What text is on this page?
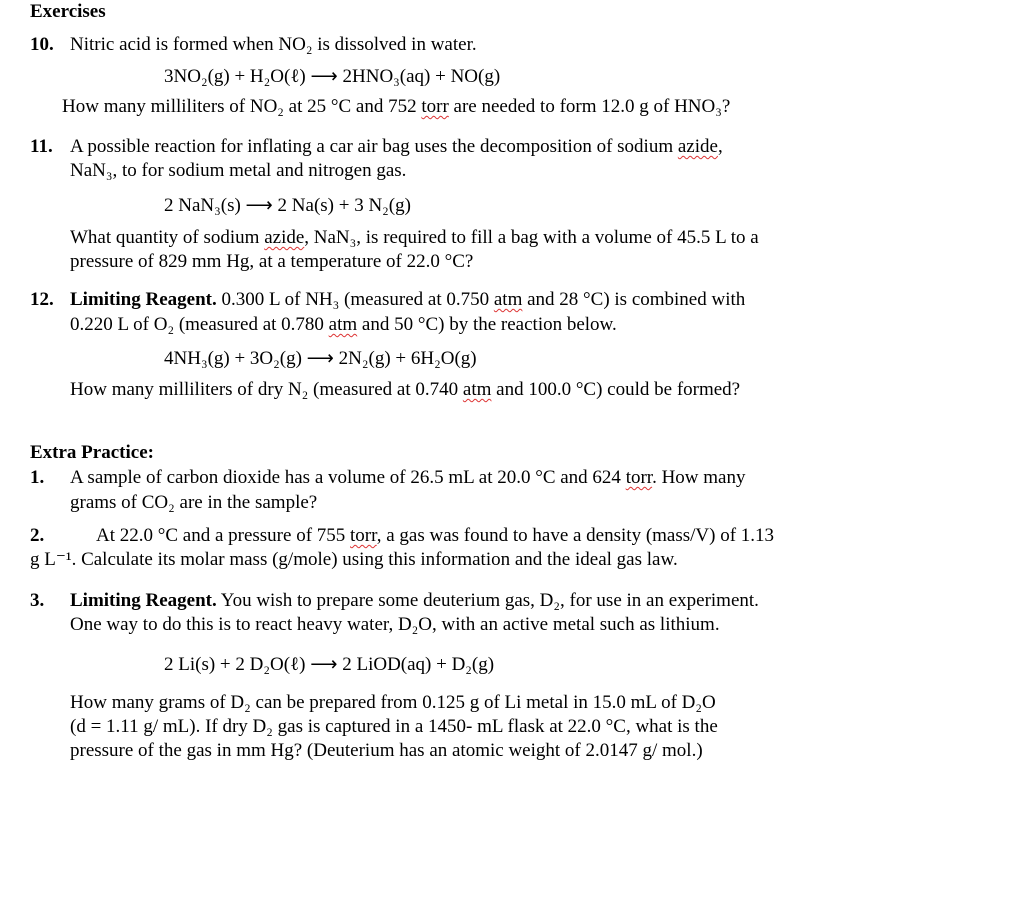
Exercises
10. Nitric acid is formed when NO₂ is dissolved in water.
3NO₂(g) + H₂O(ℓ) ⟶ 2HNO₃(aq) + NO(g)
How many milliliters of NO₂ at 25 °C and 752 torr are needed to form 12.0 g of HNO₃?
11. A possible reaction for inflating a car air bag uses the decomposition of sodium azide,
NaN₃, to for sodium metal and nitrogen gas.
2 NaN₃(s) ⟶ 2 Na(s) + 3 N₂(g)
What quantity of sodium azide, NaN₃, is required to fill a bag with a volume of 45.5 L to a
pressure of 829 mm Hg, at a temperature of 22.0 °C?
12. Limiting Reagent. 0.300 L of NH₃ (measured at 0.750 atm and 28 °C) is combined with
0.220 L of O₂ (measured at 0.780 atm and 50 °C) by the reaction below.
4NH₃(g) + 3O₂(g) ⟶ 2N₂(g) + 6H₂O(g)
How many milliliters of dry N₂ (measured at 0.740 atm and 100.0 °C) could be formed?
Extra Practice:
1. A sample of carbon dioxide has a volume of 26.5 mL at 20.0 °C and 624 torr. How many
grams of CO₂ are in the sample?
2.	At 22.0 °C and a pressure of 755 torr, a gas was found to have a density (mass/V) of 1.13
g L⁻¹. Calculate its molar mass (g/mole) using this information and the ideal gas law.
3. Limiting Reagent. You wish to prepare some deuterium gas, D₂, for use in an experiment.
One way to do this is to react heavy water, D₂O, with an active metal such as lithium.
2 Li(s) + 2 D₂O(ℓ) ⟶ 2 LiOD(aq) + D₂(g)
How many grams of D₂ can be prepared from 0.125 g of Li metal in 15.0 mL of D₂O
(d = 1.11 g/ mL). If dry D₂ gas is captured in a 1450- mL flask at 22.0 °C, what is the
pressure of the gas in mm Hg? (Deuterium has an atomic weight of 2.0147 g/ mol.)
